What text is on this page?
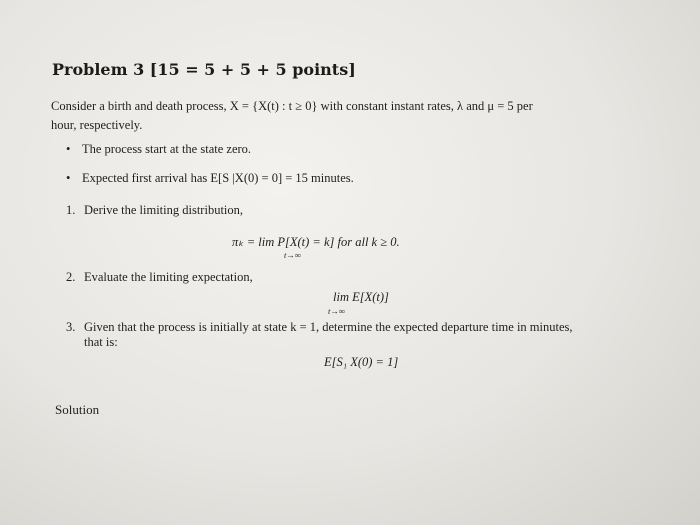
Problem 3 [15 = 5 + 5 + 5 points]
Consider a birth and death process, X = {X(t) : t ≥ 0} with constant instant rates, λ and μ = 5 per
hour, respectively.
• The process start at the state zero.
• Expected first arrival has E[S |X(0) = 0] = 15 minutes.
1. Derive the limiting distribution,
πₖ = lim P[X(t) = k] for all k ≥ 0.
t→∞
2. Evaluate the limiting expectation,
lim E[X(t)]
t→∞
3. Given that the process is initially at state k = 1, determine the expected departure time in minutes,
that is:
E[S₁ X(0) = 1]
Solution
